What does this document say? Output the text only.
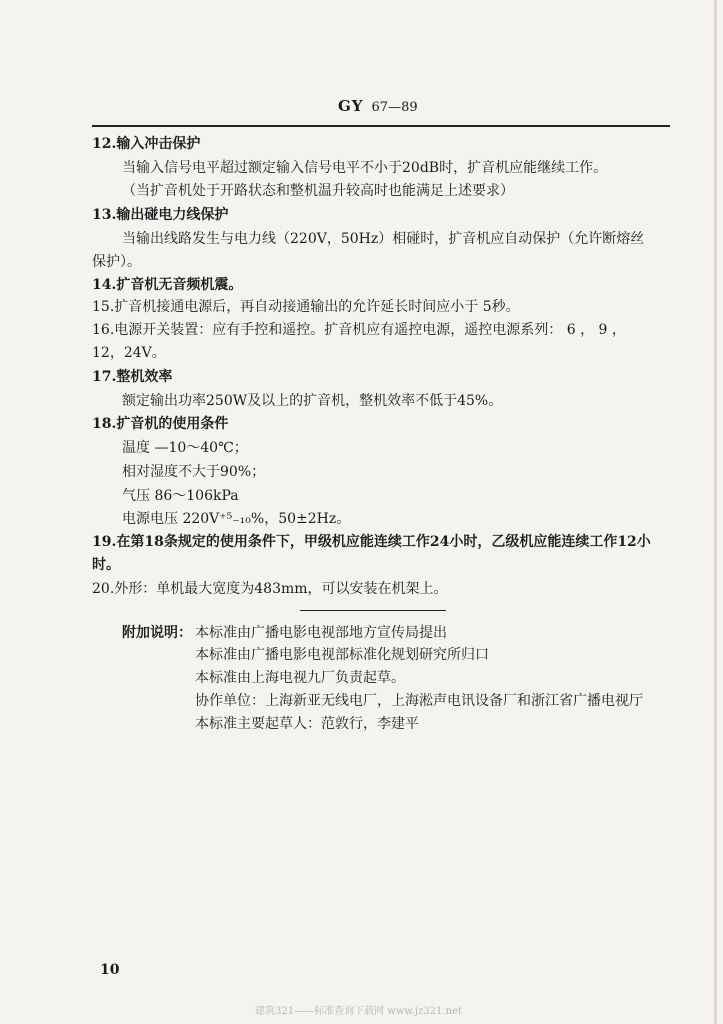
GY 67—89
12.输入冲击保护
当输入信号电平超过额定输入信号电平不小于20dB时，扩音机应能继续工作。
（当扩音机处于开路状态和整机温升较高时也能满足上述要求）
13.输出碰电力线保护
当输出线路发生与电力线（220V，50Hz）相碰时，扩音机应自动保护（允许断熔丝
保护）。
14.扩音机无音频机震。
15.扩音机接通电源后，再自动接通输出的允许延长时间应小于 5秒。
16.电源开关装置：应有手控和遥控。扩音机应有遥控电源，遥控电源系列： 6 ， 9 ，
12，24V。
17.整机效率
额定输出功率250W及以上的扩音机，整机效率不低于45%。
18.扩音机的使用条件
温度 —10～40℃；
相对湿度不大于90%；
气压 86～106kPa
电源电压 220V⁺⁵₋₁₀%，50±2Hz。
19.在第18条规定的使用条件下，甲级机应能连续工作24小时，乙级机应能连续工作12小
时。
20.外形：单机最大宽度为483mm，可以安装在机架上。
附加说明： 本标准由广播电影电视部地方宣传局提出
本标准由广播电影电视部标准化规划研究所归口
本标准由上海电视九厂负责起草。
协作单位：上海新亚无线电厂，上海淞声电讯设备厂和浙江省广播电视厅
本标准主要起草人：范敦行，李建平
10
建筑321——标准查询下载网 www.jz321.net
